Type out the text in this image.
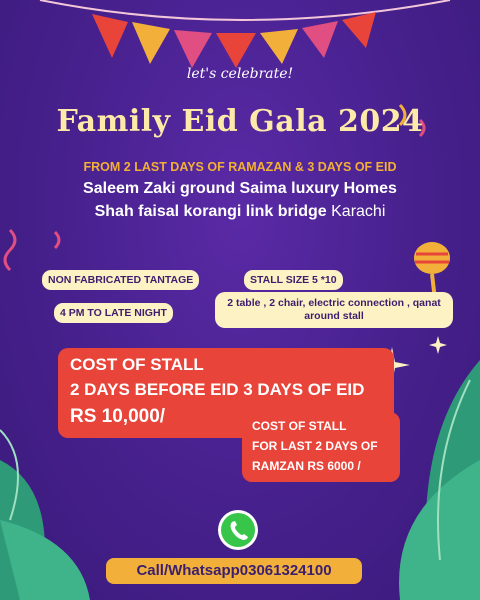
let's celebrate!
Family Eid Gala 2024
FROM 2 LAST DAYS OF RAMAZAN & 3 DAYS OF EID
Saleem Zaki ground Saima luxury Homes
Shah faisal korangi link bridge Karachi
NON FABRICATED TANTAGE
4 PM TO LATE NIGHT
STALL SIZE 5 *10
2 table , 2 chair, electric connection , qanat around stall
COST OF STALL
2 DAYS BEFORE EID 3 DAYS OF EID
RS 10,000/	COST OF STALL
FOR LAST 2 DAYS OF
RAMZAN RS 6000 /
Call/Whatsapp03061324100
